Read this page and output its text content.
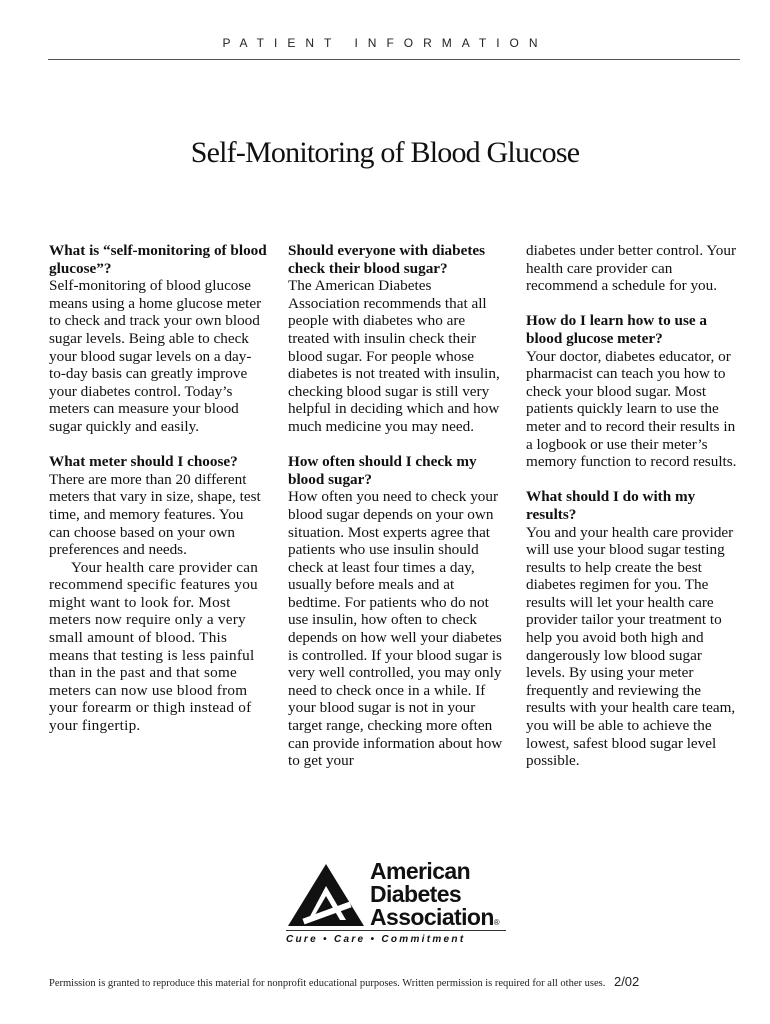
PATIENT INFORMATION
Self-Monitoring of Blood Glucose

What is “self-monitoring of blood glucose”?

Self-monitoring of blood glucose means using a home glucose meter to check and track your own blood sugar levels. Being able to check your blood sugar levels on a day-to-day basis can greatly improve your diabetes control. Today’s meters can measure your blood sugar quickly and easily.

What meter should I choose?

There are more than 20 different meters that vary in size, shape, test time, and memory features. You can choose based on your own preferences and needs.

Your health care provider can recommend specific features you might want to look for. Most meters now require only a very small amount of blood. This means that testing is less painful than in the past and that some meters can now use blood from your forearm or thigh instead of your fingertip.

Should everyone with diabetes check their blood sugar?

The American Diabetes Association recommends that all people with diabetes who are treated with insulin check their blood sugar. For people whose diabetes is not treated with insulin, checking blood sugar is still very helpful in deciding which and how much medicine you may need.

How often should I check my blood sugar?

How often you need to check your blood sugar depends on your own situation. Most experts agree that patients who use insulin should check at least four times a day, usually before meals and at bedtime. For patients who do not use insulin, how often to check depends on how well your diabetes is controlled. If your blood sugar is very well controlled, you may only need to check once in a while. If your blood sugar is not in your target range, checking more often can provide information about how to get your

diabetes under better control. Your health care provider can recommend a schedule for you.

How do I learn how to use a blood glucose meter?

Your doctor, diabetes educator, or pharmacist can teach you how to check your blood sugar. Most patients quickly learn to use the meter and to record their results in a logbook or use their meter’s memory function to record results.

What should I do with my results?

You and your health care provider will use your blood sugar testing results to help create the best diabetes regimen for you. The results will let your health care provider tailor your treatment to help you avoid both high and dangerously low blood sugar levels. By using your meter frequently and reviewing the results with your health care team, you will be able to achieve the lowest, safest blood sugar level possible.

American
Diabetes
Association®
Cure • Care • Commitment
Permission is granted to reproduce this material for nonprofit educational purposes. Written permission is required for all other uses. 2/02
